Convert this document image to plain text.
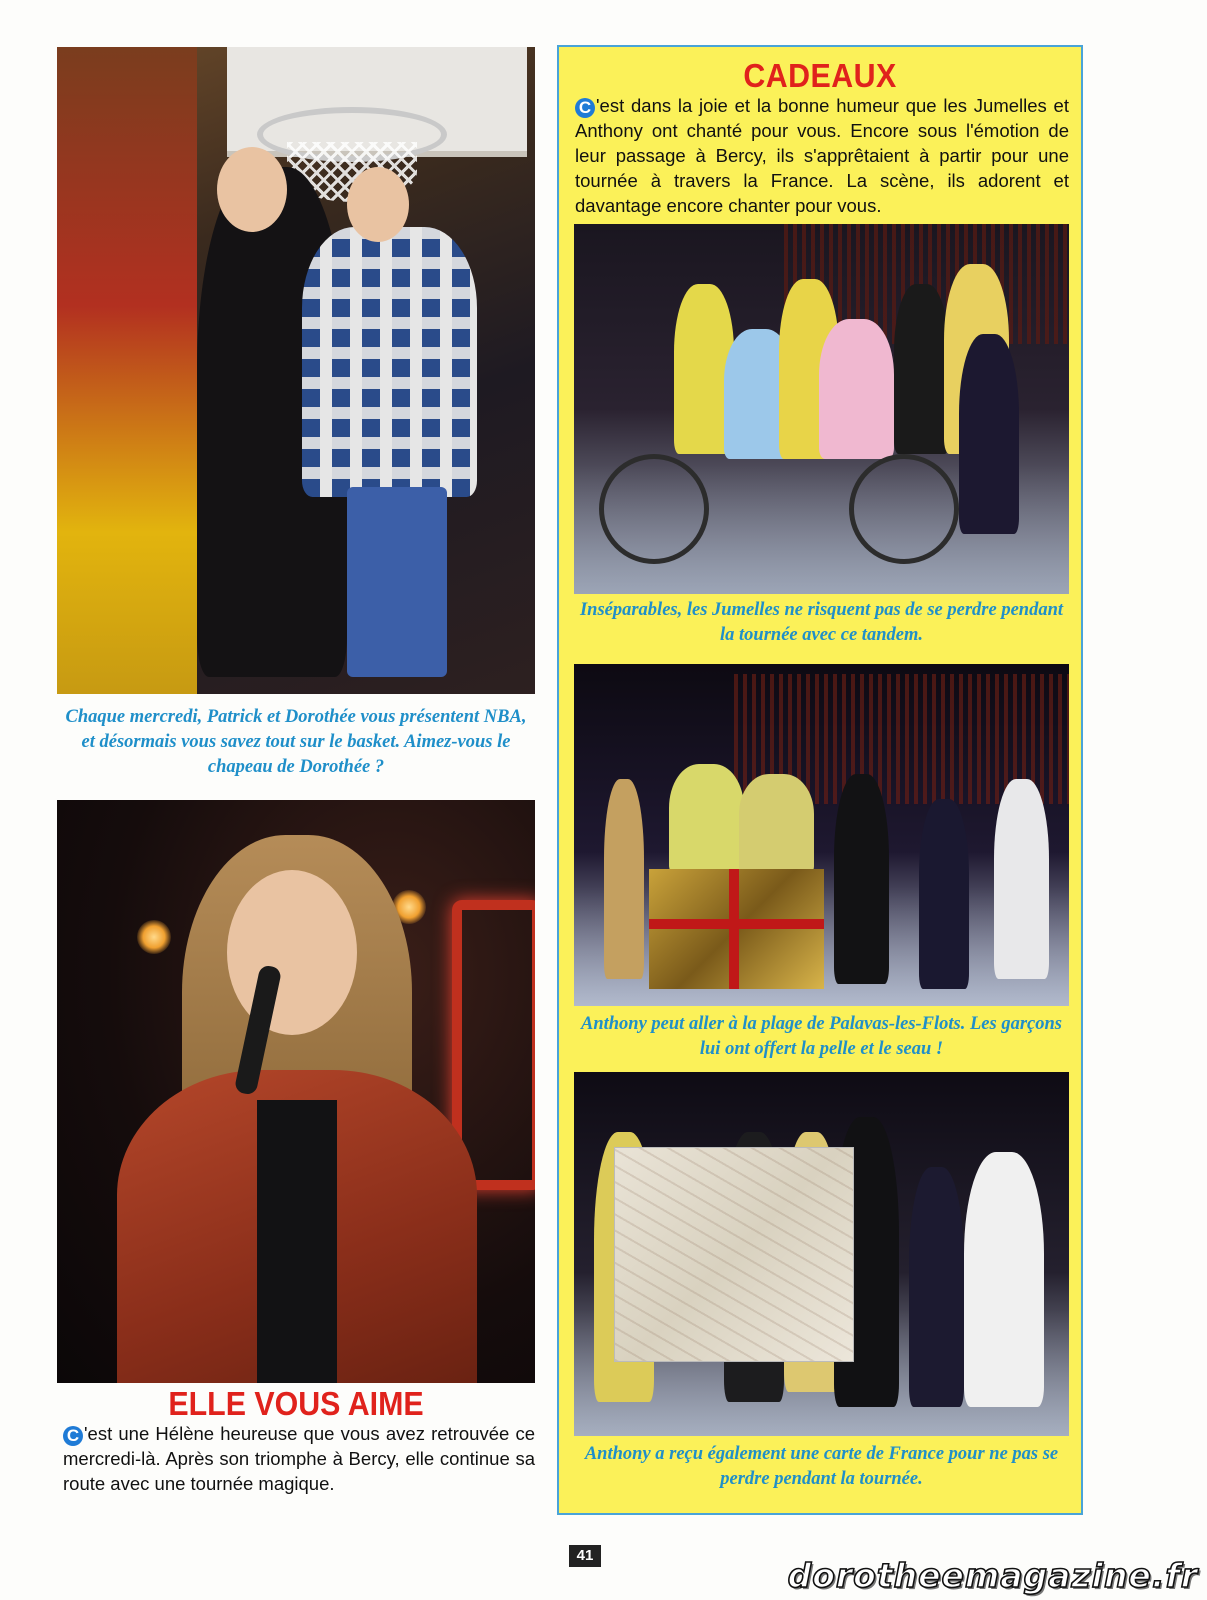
Chaque mercredi, Patrick et Dorothée vous présentent NBA, et désormais vous savez tout sur le basket. Aimez-vous le chapeau de Dorothée ?
ELLE VOUS AIME
C 'est une Hélène heureuse que vous avez retrouvée ce mercredi-là. Après son triomphe à Bercy, elle continue sa route avec une tournée magique.
CADEAUX
C 'est dans la joie et la bonne humeur que les Jumelles et Anthony ont chanté pour vous. Encore sous l'émotion de leur passage à Bercy, ils s'apprêtaient à partir pour une tournée à travers la France. La scène, ils adorent et davantage encore chanter pour vous.
Inséparables, les Jumelles ne risquent pas de se perdre pendant la tournée avec ce tandem.
Anthony peut aller à la plage de Palavas-les-Flots. Les garçons lui ont offert la pelle et le seau !
Anthony a reçu également une carte de France pour ne pas se perdre pendant la tournée.
41
dorotheemagazine.fr
